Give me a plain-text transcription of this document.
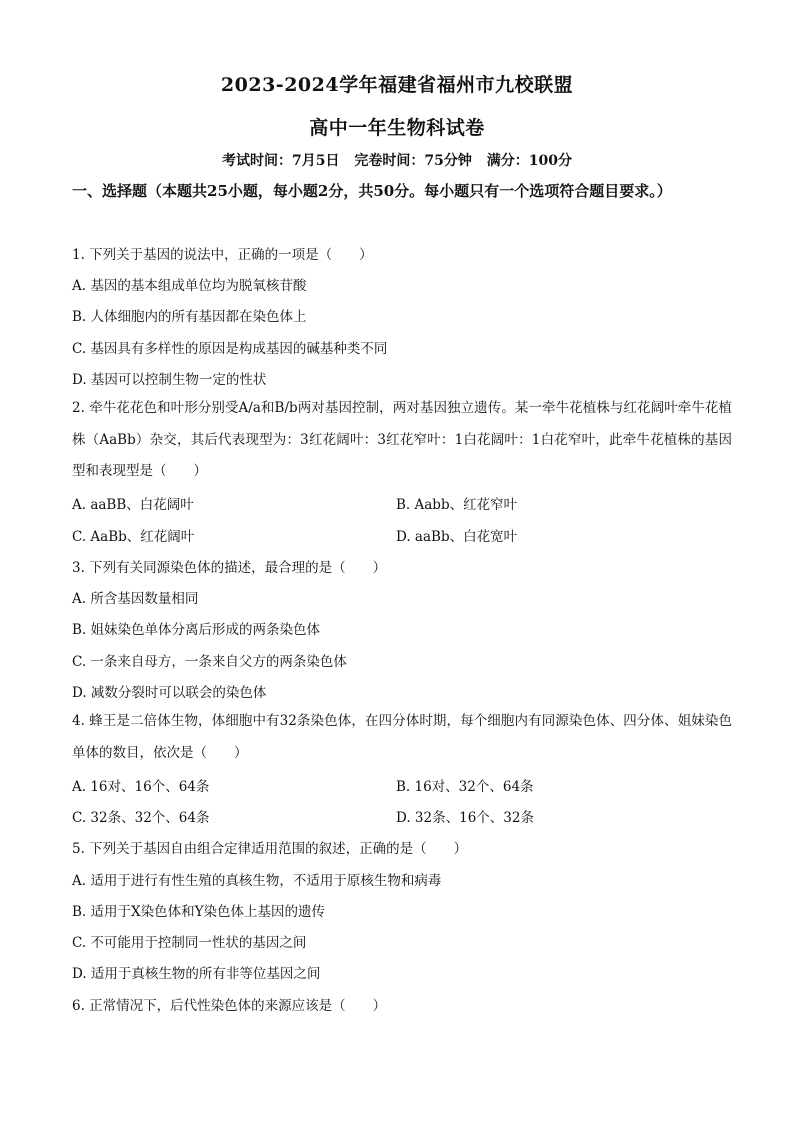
2023-2024学年福建省福州市九校联盟
高中一年生物科试卷
考试时间：7月5日 完卷时间：75分钟 满分：100分
一、选择题（本题共25小题，每小题2分，共50分。每小题只有一个选项符合题目要求。）
1. 下列关于基因的说法中，正确的一项是（　　）
A. 基因的基本组成单位均为脱氧核苷酸
B. 人体细胞内的所有基因都在染色体上
C. 基因具有多样性的原因是构成基因的碱基种类不同
D. 基因可以控制生物一定的性状
2. 牵牛花花色和叶形分别受A/a和B/b两对基因控制，两对基因独立遗传。某一牵牛花植株与红花阔叶牵牛花植株（AaBb）杂交，其后代表现型为：3红花阔叶：3红花窄叶：1白花阔叶：1白花窄叶，此牵牛花植株的基因型和表现型是（　　）
A. aaBB、白花阔叶	B. Aabb、红花窄叶
C. AaBb、红花阔叶	D. aaBb、白花宽叶
3. 下列有关同源染色体的描述，最合理的是（　　）
A. 所含基因数量相同
B. 姐妹染色单体分离后形成的两条染色体
C. 一条来自母方，一条来自父方的两条染色体
D. 减数分裂时可以联会的染色体
4. 蜂王是二倍体生物，体细胞中有32条染色体，在四分体时期，每个细胞内有同源染色体、四分体、姐妹染色单体的数目，依次是（　　）
A. 16对、16个、64条	B. 16对、32个、64条
C. 32条、32个、64条	D. 32条、16个、32条
5. 下列关于基因自由组合定律适用范围的叙述，正确的是（　　）
A. 适用于进行有性生殖的真核生物，不适用于原核生物和病毒
B. 适用于X染色体和Y染色体上基因的遗传
C. 不可能用于控制同一性状的基因之间
D. 适用于真核生物的所有非等位基因之间
6. 正常情况下，后代性染色体的来源应该是（　　）
